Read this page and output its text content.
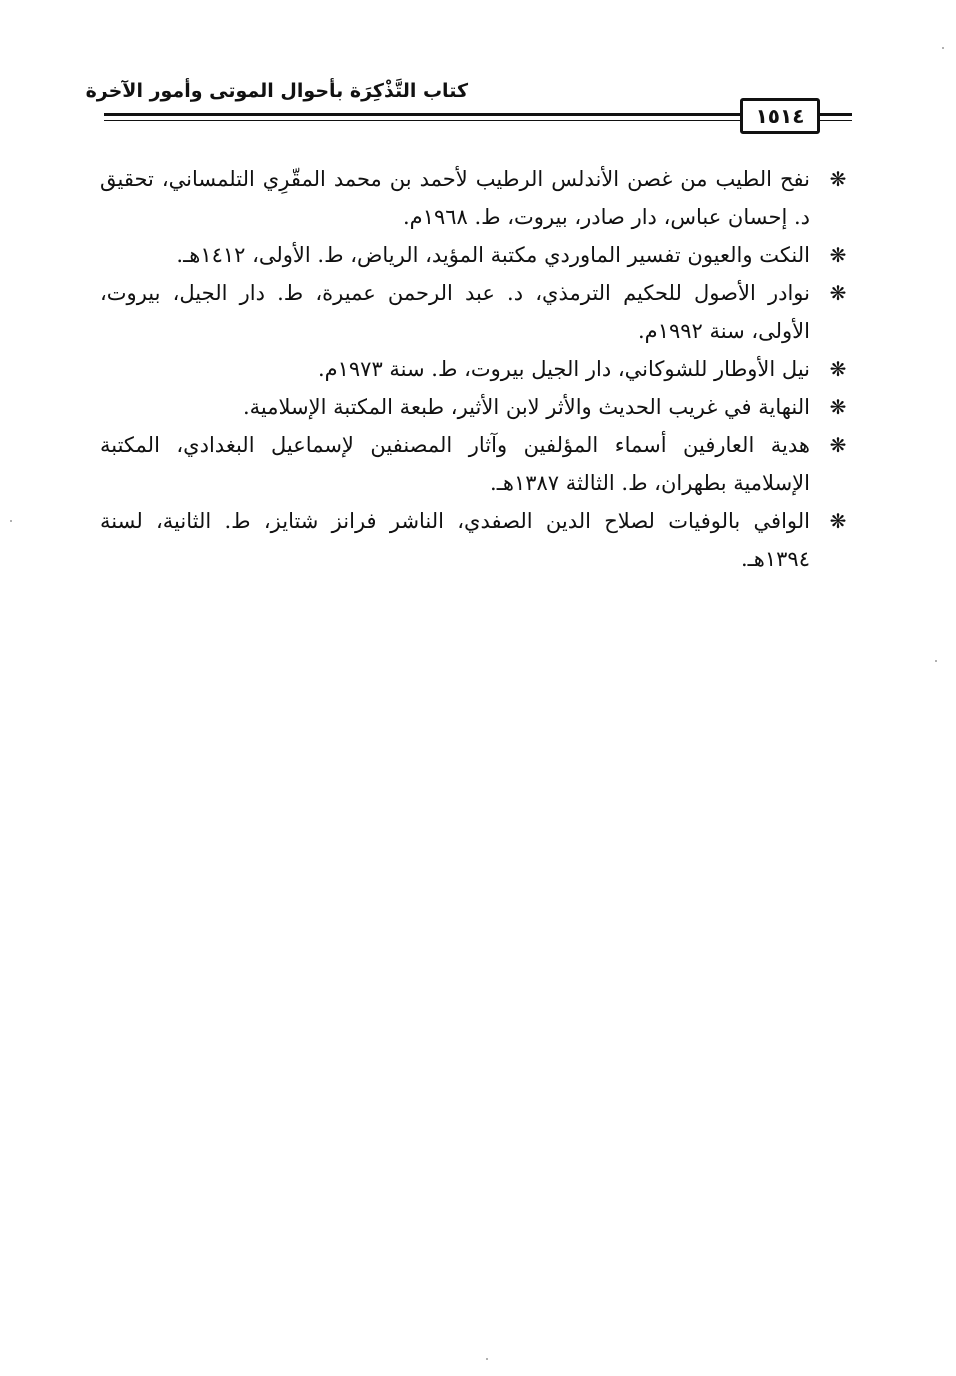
كتاب التَّذْكِرَة بأحوال الموتى وأمور الآخرة
١٥١٤

❋
نفح الطيب من غصن الأندلس الرطيب لأحمد بن محمد المقّرِي التلمساني، تحقيق د. إحسان عباس، دار صادر، بيروت، ط. ١٩٦٨م.

❋
النكت والعيون تفسير الماوردي مكتبة المؤيد، الرياض، ط. الأولى، ١٤١٢هـ.

❋
نوادر الأصول للحكيم الترمذي، د. عبد الرحمن عميرة، ط. دار الجيل، بيروت، الأولى، سنة ١٩٩٢م.

❋
نيل الأوطار للشوكاني، دار الجيل بيروت، ط. سنة ١٩٧٣م.

❋
النهاية في غريب الحديث والأثر لابن الأثير، طبعة المكتبة الإسلامية.

❋
هدية العارفين أسماء المؤلفين وآثار المصنفين لإسماعيل البغدادي، المكتبة الإسلامية بطهران، ط. الثالثة ١٣٨٧هـ.

❋
الوافي بالوفيات لصلاح الدين الصفدي، الناشر فرانز شتايز، ط. الثانية، لسنة ١٣٩٤هـ.
